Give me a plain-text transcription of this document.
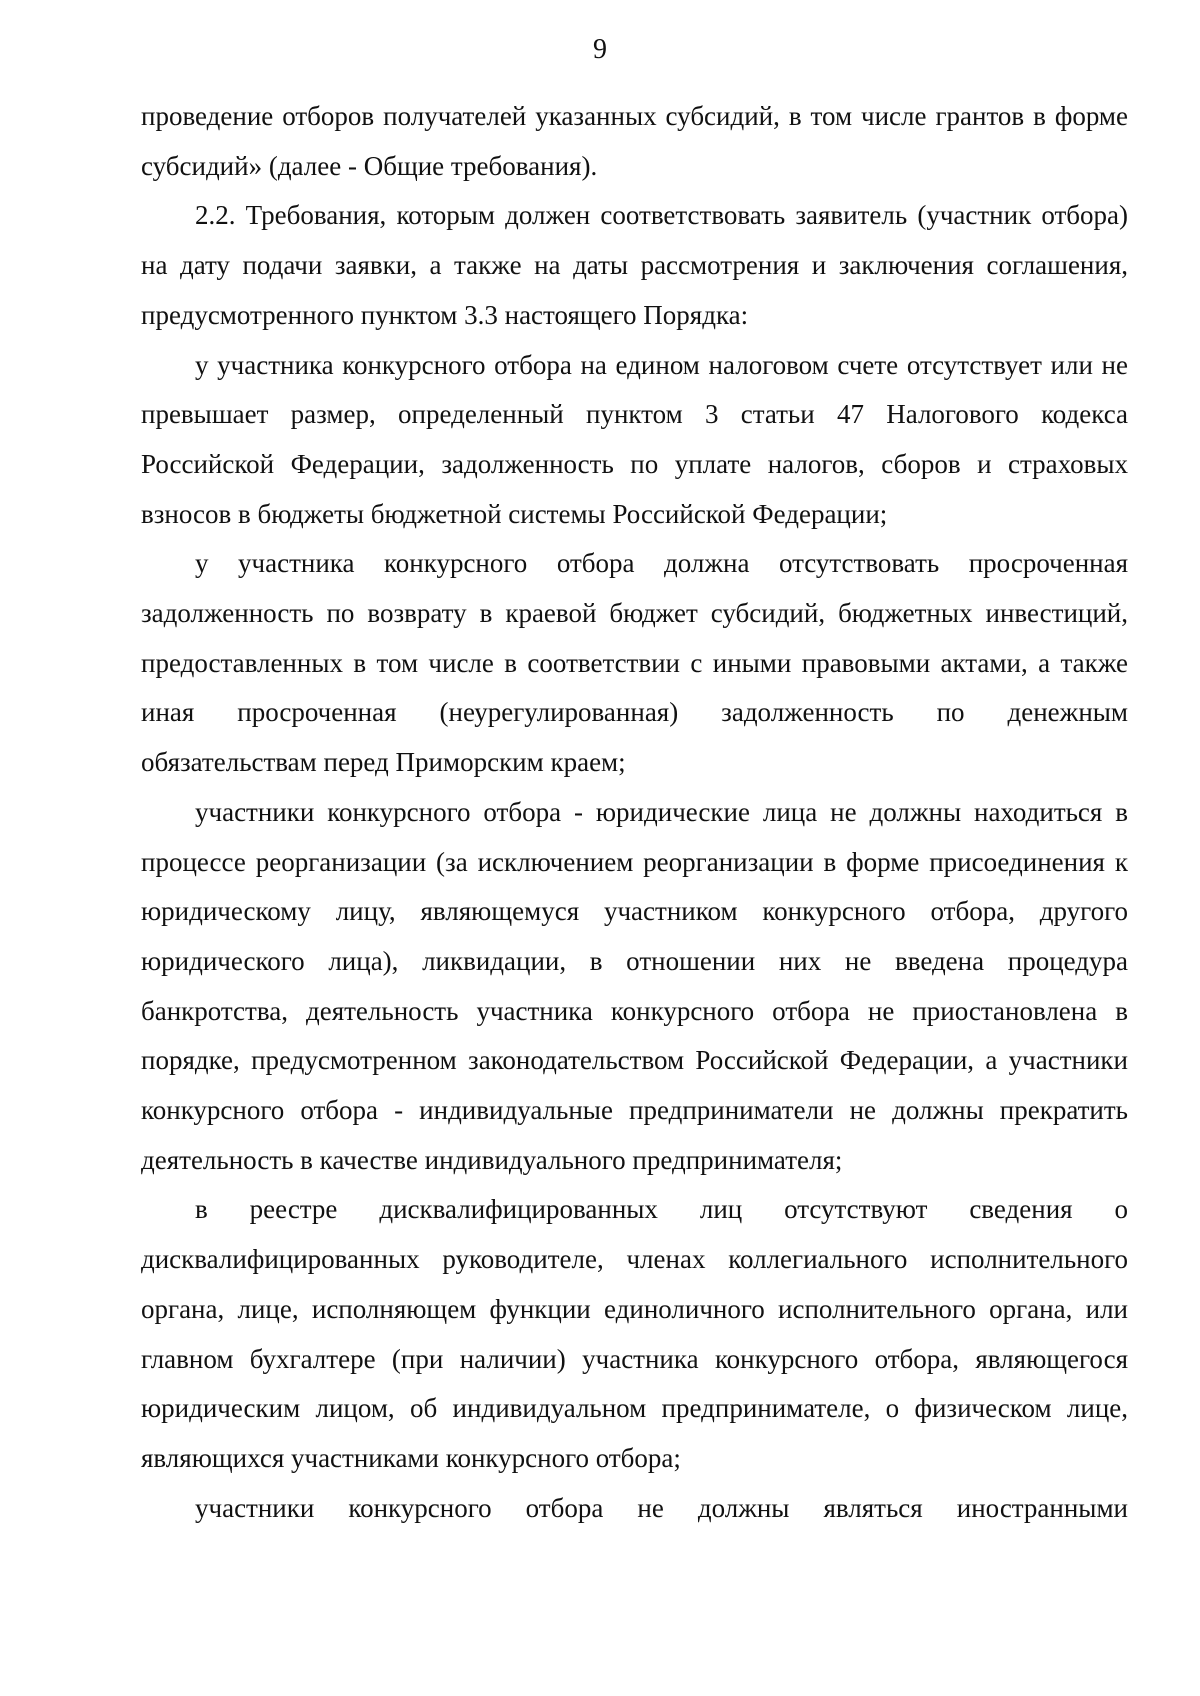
9

проведение отборов получателей указанных субсидий, в том числе грантов в форме субсидий» (далее - Общие требования).

2.2. Требования, которым должен соответствовать заявитель (участник отбора) на дату подачи заявки, а также на даты рассмотрения и заключения соглашения, предусмотренного пунктом 3.3 настоящего Порядка:

у участника конкурсного отбора на едином налоговом счете отсутствует или не превышает размер, определенный пунктом 3 статьи 47 Налогового кодекса Российской Федерации, задолженность по уплате налогов, сборов и страховых взносов в бюджеты бюджетной системы Российской Федерации;

у участника конкурсного отбора должна отсутствовать просроченная задолженность по возврату в краевой бюджет субсидий, бюджетных инвестиций, предоставленных в том числе в соответствии с иными правовыми актами, а также иная просроченная (неурегулированная) задолженность по денежным обязательствам перед Приморским краем;

участники конкурсного отбора - юридические лица не должны находиться в процессе реорганизации (за исключением реорганизации в форме присоединения к юридическому лицу, являющемуся участником конкурсного отбора, другого юридического лица), ликвидации, в отношении них не введена процедура банкротства, деятельность участника конкурсного отбора не приостановлена в порядке, предусмотренном законодательством Российской Федерации, а участники конкурсного отбора - индивидуальные предприниматели не должны прекратить деятельность в качестве индивидуального предпринимателя;

в реестре дисквалифицированных лиц отсутствуют сведения о дисквалифицированных руководителе, членах коллегиального исполнительного органа, лице, исполняющем функции единоличного исполнительного органа, или главном бухгалтере (при наличии) участника конкурсного отбора, являющегося юридическим лицом, об индивидуальном предпринимателе, о физическом лице, являющихся участниками конкурсного отбора;

участники конкурсного отбора не должны являться иностранными
